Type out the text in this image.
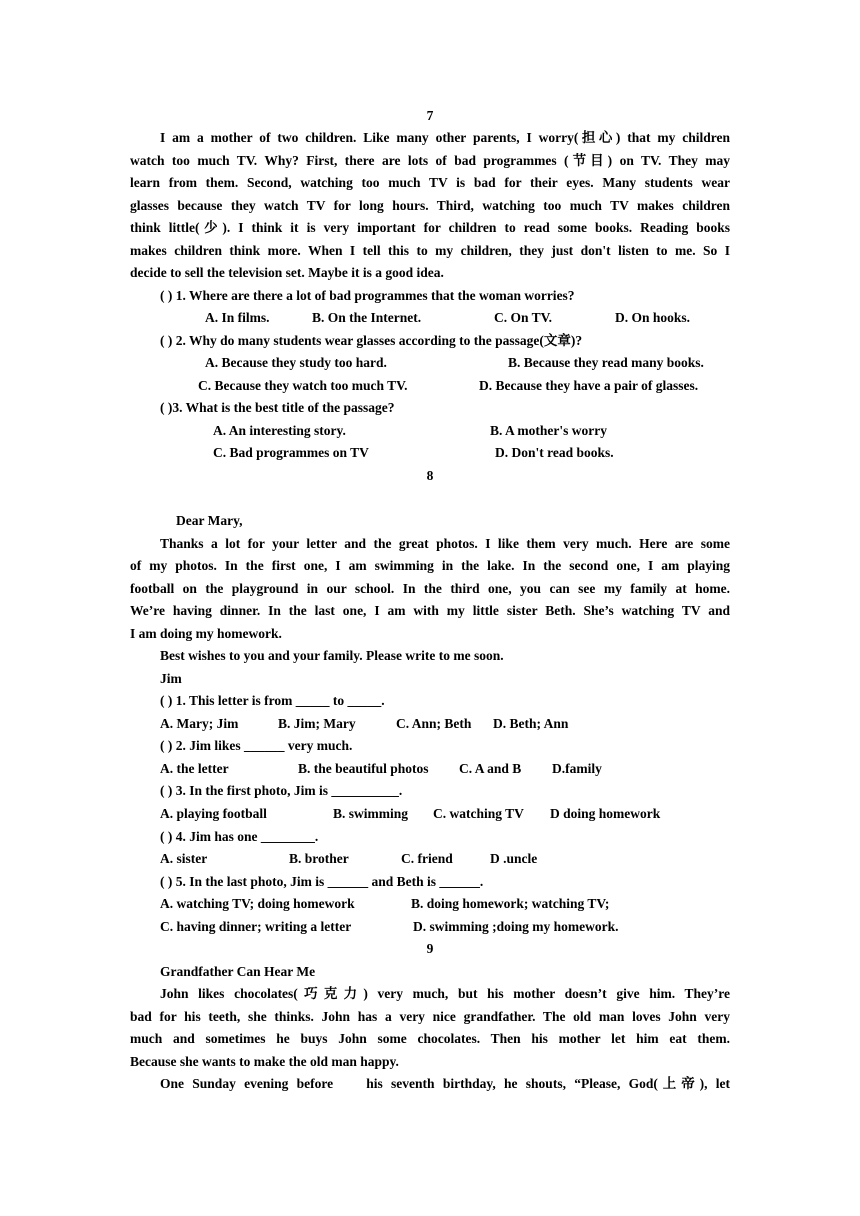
7
I am a mother of two children. Like many other parents, I worry(担心) that my children
watch too much TV. Why? First, there are lots of bad programmes (节目) on TV. They may
learn from them. Second, watching too much TV is bad for their eyes. Many students wear
glasses because they watch TV for long hours. Third, watching too much TV makes children
think little(少). I think it is very important for children to read some books. Reading books
makes children think more. When I tell this to my children, they just don't listen to me. So I
decide to sell the television set. Maybe it is a good idea.
( ) 1. Where are there a lot of bad programmes that the woman worries?
A. In films.	B. On the Internet.	C. On TV.	D. On hooks.
( ) 2. Why do many students wear glasses according to the passage(文章)?
A. Because they study too hard.	B. Because they read many books.
C. Because they watch too much TV.	D. Because they have a pair of glasses.
( )3. What is the best title of the passage?
A. An interesting story.	B. A mother's worry
C. Bad programmes on TV	D. Don't read books.
8
Dear Mary,
Thanks a lot for your letter and the great photos. I like them very much. Here are some
of my photos. In the first one, I am swimming in the lake. In the second one, I am playing
football on the playground in our school. In the third one, you can see my family at home.
We’re having dinner. In the last one, I am with my little sister Beth. She’s watching TV and
I am doing my homework.
Best wishes to you and your family. Please write to me soon.
Jim
( ) 1. This letter is from _____ to _____.
A. Mary; Jim	B. Jim; Mary	C. Ann; Beth D. Beth; Ann
( ) 2. Jim likes ______ very much.
A. the letter	B. the beautiful photos C. A and B D.family
( ) 3. In the first photo, Jim is __________.
A. playing football	B. swimming C. watching TV D doing homework
( ) 4. Jim has one ________.
A. sister	B. brother	C. friend	D .uncle
( ) 5. In the last photo, Jim is ______ and Beth is ______.
A. watching TV; doing homework	B. doing homework; watching TV;
C. having dinner; writing a letter	D. swimming ;doing my homework.
9
Grandfather Can Hear Me
John likes chocolates(巧克力) very much, but his mother doesn’t give him. They’re
bad for his teeth, she thinks. John has a very nice grandfather. The old man loves John very
much and sometimes he buys John some chocolates. Then his mother let him eat them.
Because she wants to make the old man happy.
One Sunday evening before    his seventh birthday, he shouts, “Please, God(上帝), let
